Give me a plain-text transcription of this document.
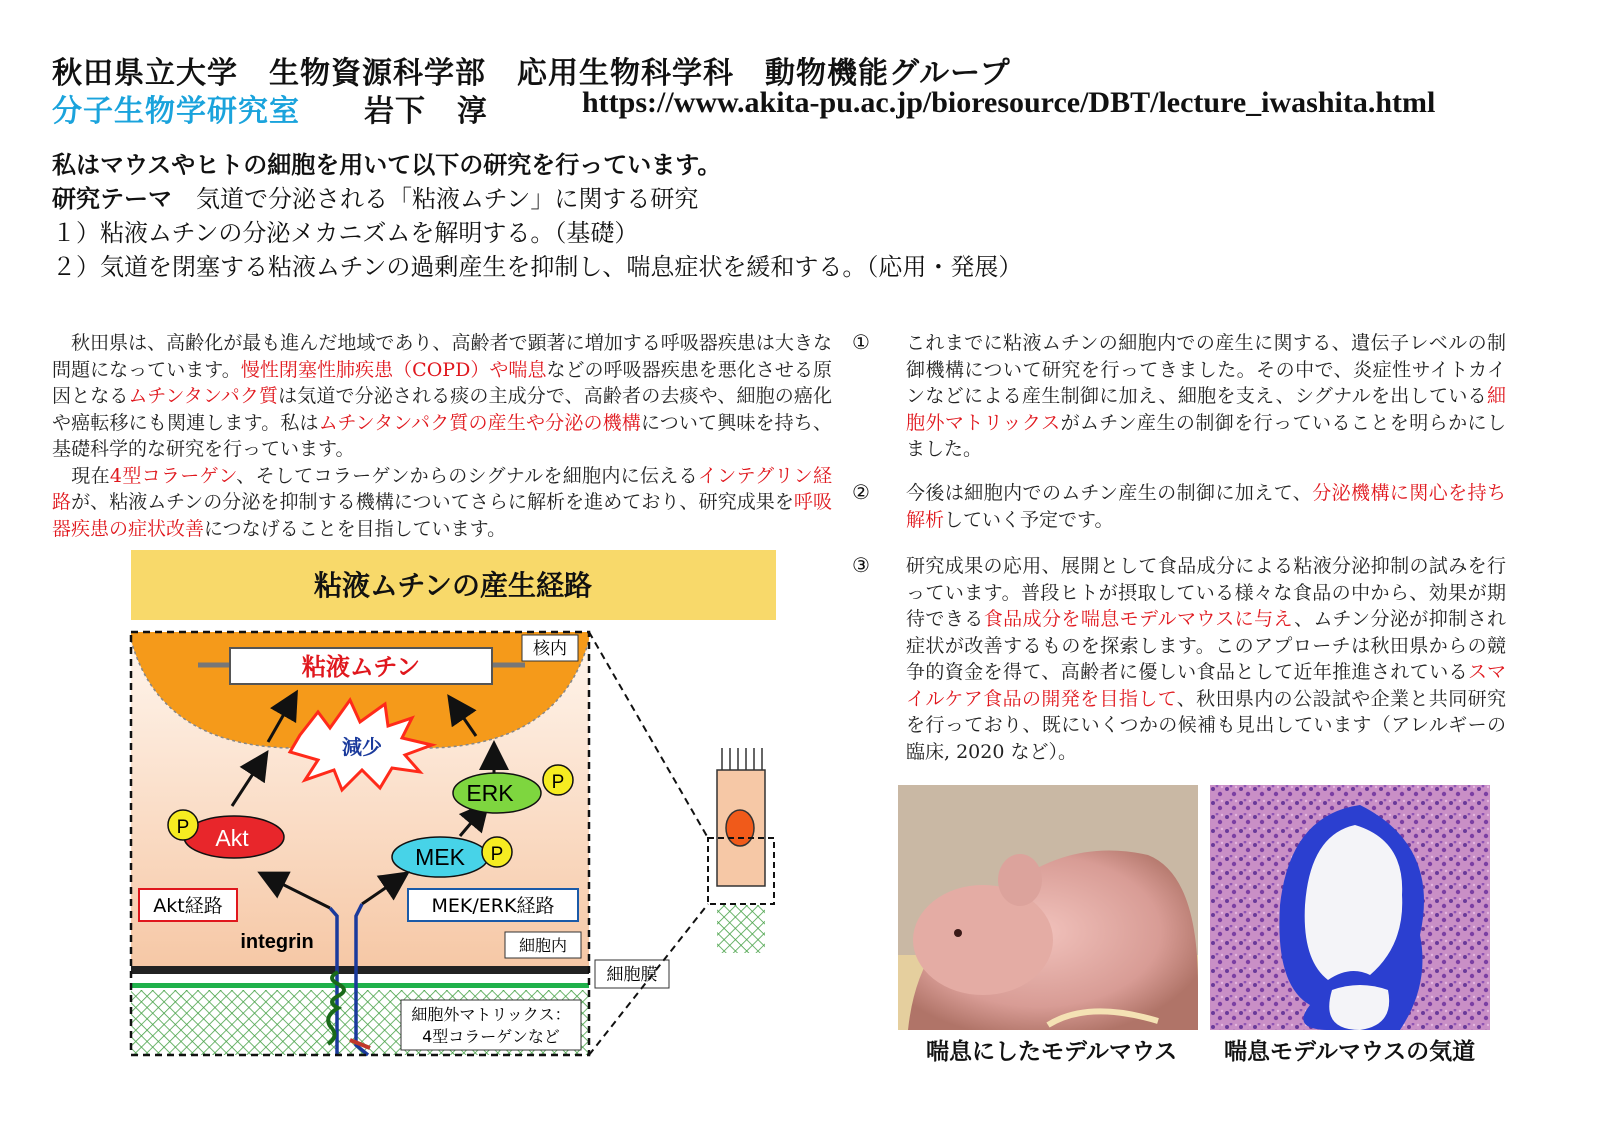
秋田県立大学　生物資源科学部　応用生物科学科　動物機能グループ
分子生物学研究室 岩下　淳	https://www.akita-pu.ac.jp/bioresource/DBT/lecture_iwashita.html
私はマウスやヒトの細胞を用いて以下の研究を行っています。
研究テーマ　気道で分泌される「粘液ムチン」に関する研究
１）粘液ムチンの分泌メカニズムを解明する。（基礎）
２）気道を閉塞する粘液ムチンの過剰産生を抑制し、喘息症状を緩和する。（応用・発展）
　秋田県は、高齢化が最も進んだ地域であり、高齢者で顕著に増加する呼吸器疾患は大きな問題になっています。慢性閉塞性肺疾患（COPD）や喘息などの呼吸器疾患を悪化させる原因となるムチンタンパク質は気道で分泌される痰の主成分で、高齢者の去痰や、細胞の癌化や癌転移にも関連します。私はムチンタンパク質の産生や分泌の機構について興味を持ち、基礎科学的な研究を行っています。
　現在4型コラーゲン、そしてコラーゲンからのシグナルを細胞内に伝えるインテグリン経路が、粘液ムチンの分泌を抑制する機構についてさらに解析を進めており、研究成果を呼吸器疾患の症状改善につなげることを目指しています。
① これまでに粘液ムチンの細胞内での産生に関する、遺伝子レベルの制御機構について研究を行ってきました。その中で、炎症性サイトカインなどによる産生制御に加え、細胞を支え、シグナルを出している細胞外マトリックスがムチン産生の制御を行っていることを明らかにしました。
② 今後は細胞内でのムチン産生の制御に加えて、分泌機構に関心を持ち解析していく予定です。
③ 研究成果の応用、展開として食品成分による粘液分泌抑制の試みを行っています。普段ヒトが摂取している様々な食品の中から、効果が期待できる食品成分を喘息モデルマウスに与え、ムチン分泌が抑制され症状が改善するものを探索します。このアプローチは秋田県からの競争的資金を得て、高齢者に優しい食品として近年推進されているスマイルケア食品の開発を目指して、秋田県内の公設試や企業と共同研究を行っており、既にいくつかの候補も見出しています（アレルギーの臨床, 2020 など）。
粘液ムチンの産生経路
核内
粘液ムチン
減少
ERK P
MEK P
Akt
P
Akt経路	MEK/ERK経路
integrin	細胞内
細胞外マトリックス：
4型コラーゲンなど
細胞膜
喘息にしたモデルマウス 喘息モデルマウスの気道
